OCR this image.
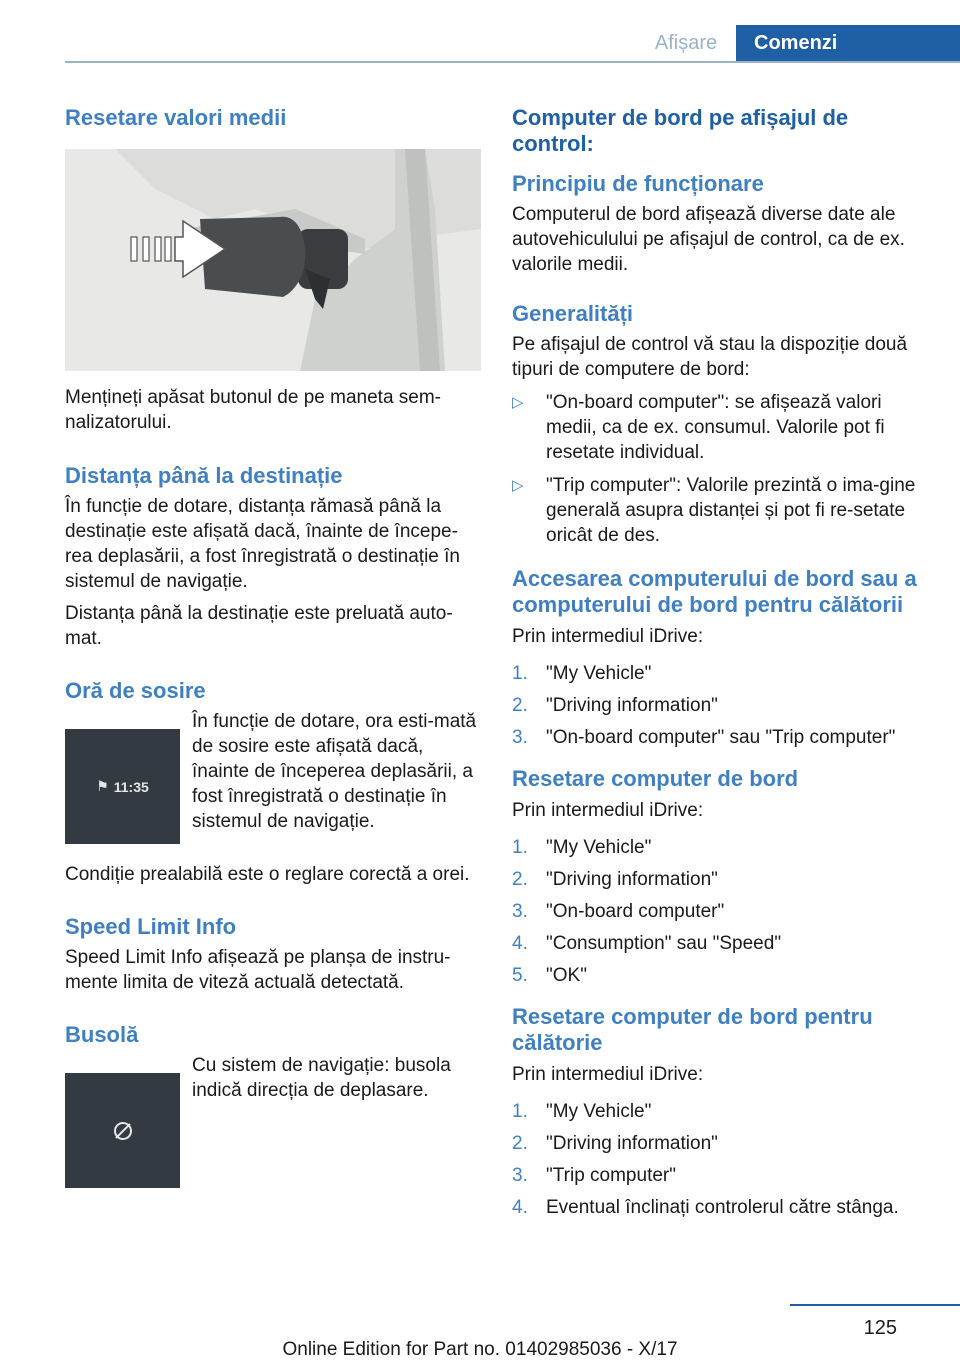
Afișare	Comenzi
Resetare valori medii

Mențineți apăsat butonul de pe maneta sem‐nalizatorului.

Distanța până la destinație

În funcție de dotare, distanța rămasă până la destinație este afișată dacă, înainte de începe‐rea deplasării, a fost înregistrată o destinație în sistemul de navigație.

Distanța până la destinație este preluată auto‐mat.

Oră de sosire
⚑ 11:35

În funcție de dotare, ora esti‐mată de sosire este afișată dacă, înainte de începerea deplasării, a fost înregistrată o destinație în sistemul de navigație.

Condiție prealabilă este o reglare corectă a orei.

Speed Limit Info

Speed Limit Info afișează pe planșa de instru‐mente limita de viteză actuală detectată.

Busolă

Cu sistem de navigație: busola indică direcția de deplasare.

Computer de bord pe afișajul de control:
Principiu de funcționare

Computerul de bord afișează diverse date ale autovehiculului pe afișajul de control, ca de ex. valorile medii.

Generalități

Pe afișajul de control vă stau la dispoziție două tipuri de computere de bord:

▷ "On-board computer": se afișează valori medii, ca de ex. consumul. Valorile pot fi resetate individual.
▷ "Trip computer": Valorile prezintă o ima‐gine generală asupra distanței și pot fi re‐setate oricât de des.
Accesarea computerului de bord sau a computerului de bord pentru călătorii

Prin intermediul iDrive:

1. "My Vehicle"
2. "Driving information"
3. "On-board computer" sau "Trip computer"
Resetare computer de bord

Prin intermediul iDrive:

1. "My Vehicle"
2. "Driving information"
3. "On-board computer"
4. "Consumption" sau "Speed"
5. "OK"
Resetare computer de bord pentru călătorie

Prin intermediul iDrive:

1. "My Vehicle"
2. "Driving information"
3. "Trip computer"
4. Eventual înclinați controlerul către stânga.
125
Online Edition for Part no. 01402985036 - X/17
